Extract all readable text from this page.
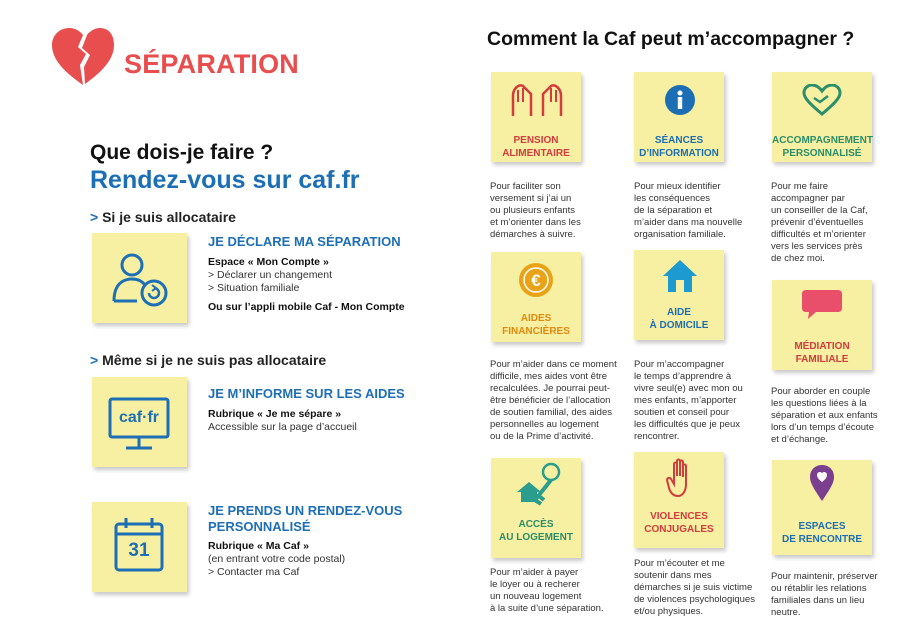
SÉPARATION
Que dois-je faire ?
Rendez-vous sur caf.fr
> Si je suis allocataire
JE DÉCLARE MA SÉPARATION
Espace « Mon Compte »
> Déclarer un changement
> Situation familiale
Ou sur l’appli mobile Caf - Mon Compte
> Même si je ne suis pas allocataire
caf·fr
JE M’INFORME SUR LES AIDES
Rubrique « Je me sépare »
Accessible sur la page d’accueil
31
JE PRENDS UN RENDEZ-VOUS
PERSONNALISÉ
Rubrique « Ma Caf »
(en entrant votre code postal)
> Contacter ma Caf
Comment la Caf peut m’accompagner ?
PENSION
ALIMENTAIRE
Pour faciliter son
versement si j’ai un
ou plusieurs enfants
et m’orienter dans les
démarches à suivre.
SÉANCES
D’INFORMATION
Pour mieux identifier
les conséquences
de la séparation et
m’aider dans ma nouvelle
organisation familiale.
ACCOMPAGNEMENT
PERSONNALISÉ
Pour me faire
accompagner par
un conseiller de la Caf,
prévenir d’éventuelles
difficultés et m’orienter
vers les services près
de chez moi.
€
AIDES
FINANCIÈRES
Pour m’aider dans ce moment
difficile, mes aides vont être
recalculées. Je pourrai peut-
être bénéficier de l’allocation
de soutien familial, des aides
personnelles au logement
ou de la Prime d’activité.
AIDE
À DOMICILE
Pour m’accompagner
le temps d’apprendre à
vivre seul(e) avec mon ou
mes enfants, m’apporter
soutien et conseil pour
les difficultés que je peux
rencontrer.
MÉDIATION
FAMILIALE
Pour aborder en couple
les questions liées à la
séparation et aux enfants
lors d’un temps d’écoute
et d’échange.
ACCÈS
AU LOGEMENT
Pour m’aider à payer
le loyer ou à recherer
un nouveau logement
à la suite d’une séparation.
VIOLENCES
CONJUGALES
Pour m’écouter et me
soutenir dans mes
démarches si je suis victime
de violences psychologiques
et/ou physiques.
ESPACES
DE RENCONTRE
Pour maintenir, préserver
ou rétablir les relations
familiales dans un lieu
neutre.
